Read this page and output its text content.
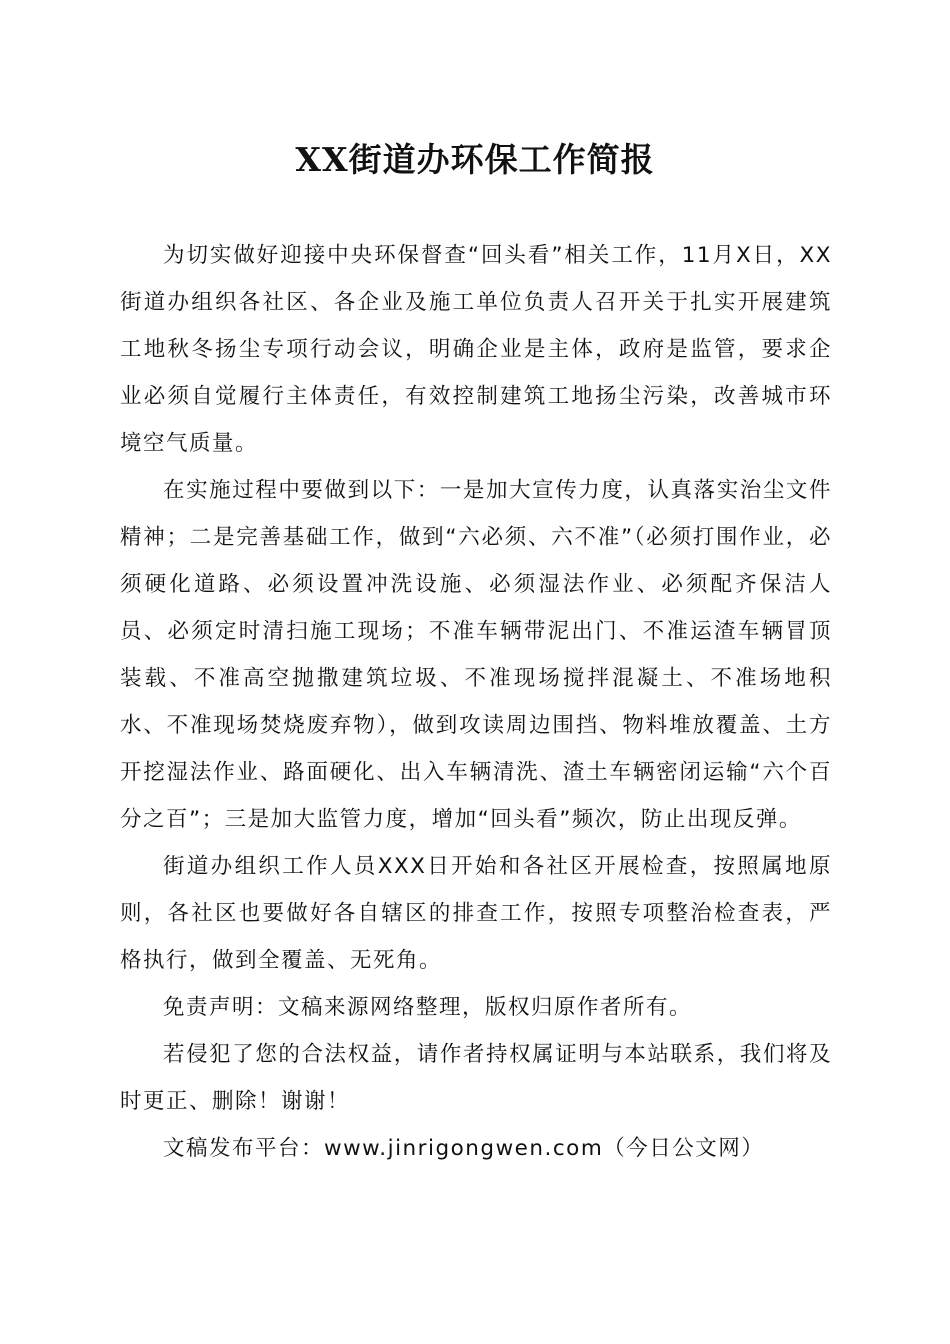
XX街道办环保工作简报

为切实做好迎接中央环保督查“回头看”相关工作，11月X日，XX街道办组织各社区、各企业及施工单位负责人召开关于扎实开展建筑工地秋冬扬尘专项行动会议，明确企业是主体，政府是监管，要求企业必须自觉履行主体责任，有效控制建筑工地扬尘污染，改善城市环境空气质量。

在实施过程中要做到以下：一是加大宣传力度，认真落实治尘文件精神；二是完善基础工作，做到“六必须、六不准”（必须打围作业，必须硬化道路、必须设置冲洗设施、必须湿法作业、必须配齐保洁人员、必须定时清扫施工现场；不准车辆带泥出门、不准运渣车辆冒顶装载、不准高空抛撒建筑垃圾、不准现场搅拌混凝土、不准场地积水、不准现场焚烧废弃物），做到攻读周边围挡、物料堆放覆盖、土方开挖湿法作业、路面硬化、出入车辆清洗、渣土车辆密闭运输“六个百分之百”；三是加大监管力度，增加“回头看”频次，防止出现反弹。

街道办组织工作人员XXX日开始和各社区开展检查，按照属地原则，各社区也要做好各自辖区的排查工作，按照专项整治检查表，严格执行，做到全覆盖、无死角。

免责声明：文稿来源网络整理，版权归原作者所有。

若侵犯了您的合法权益，请作者持权属证明与本站联系，我们将及时更正、删除！谢谢！

文稿发布平台：www.jinrigongwen.com（今日公文网）
